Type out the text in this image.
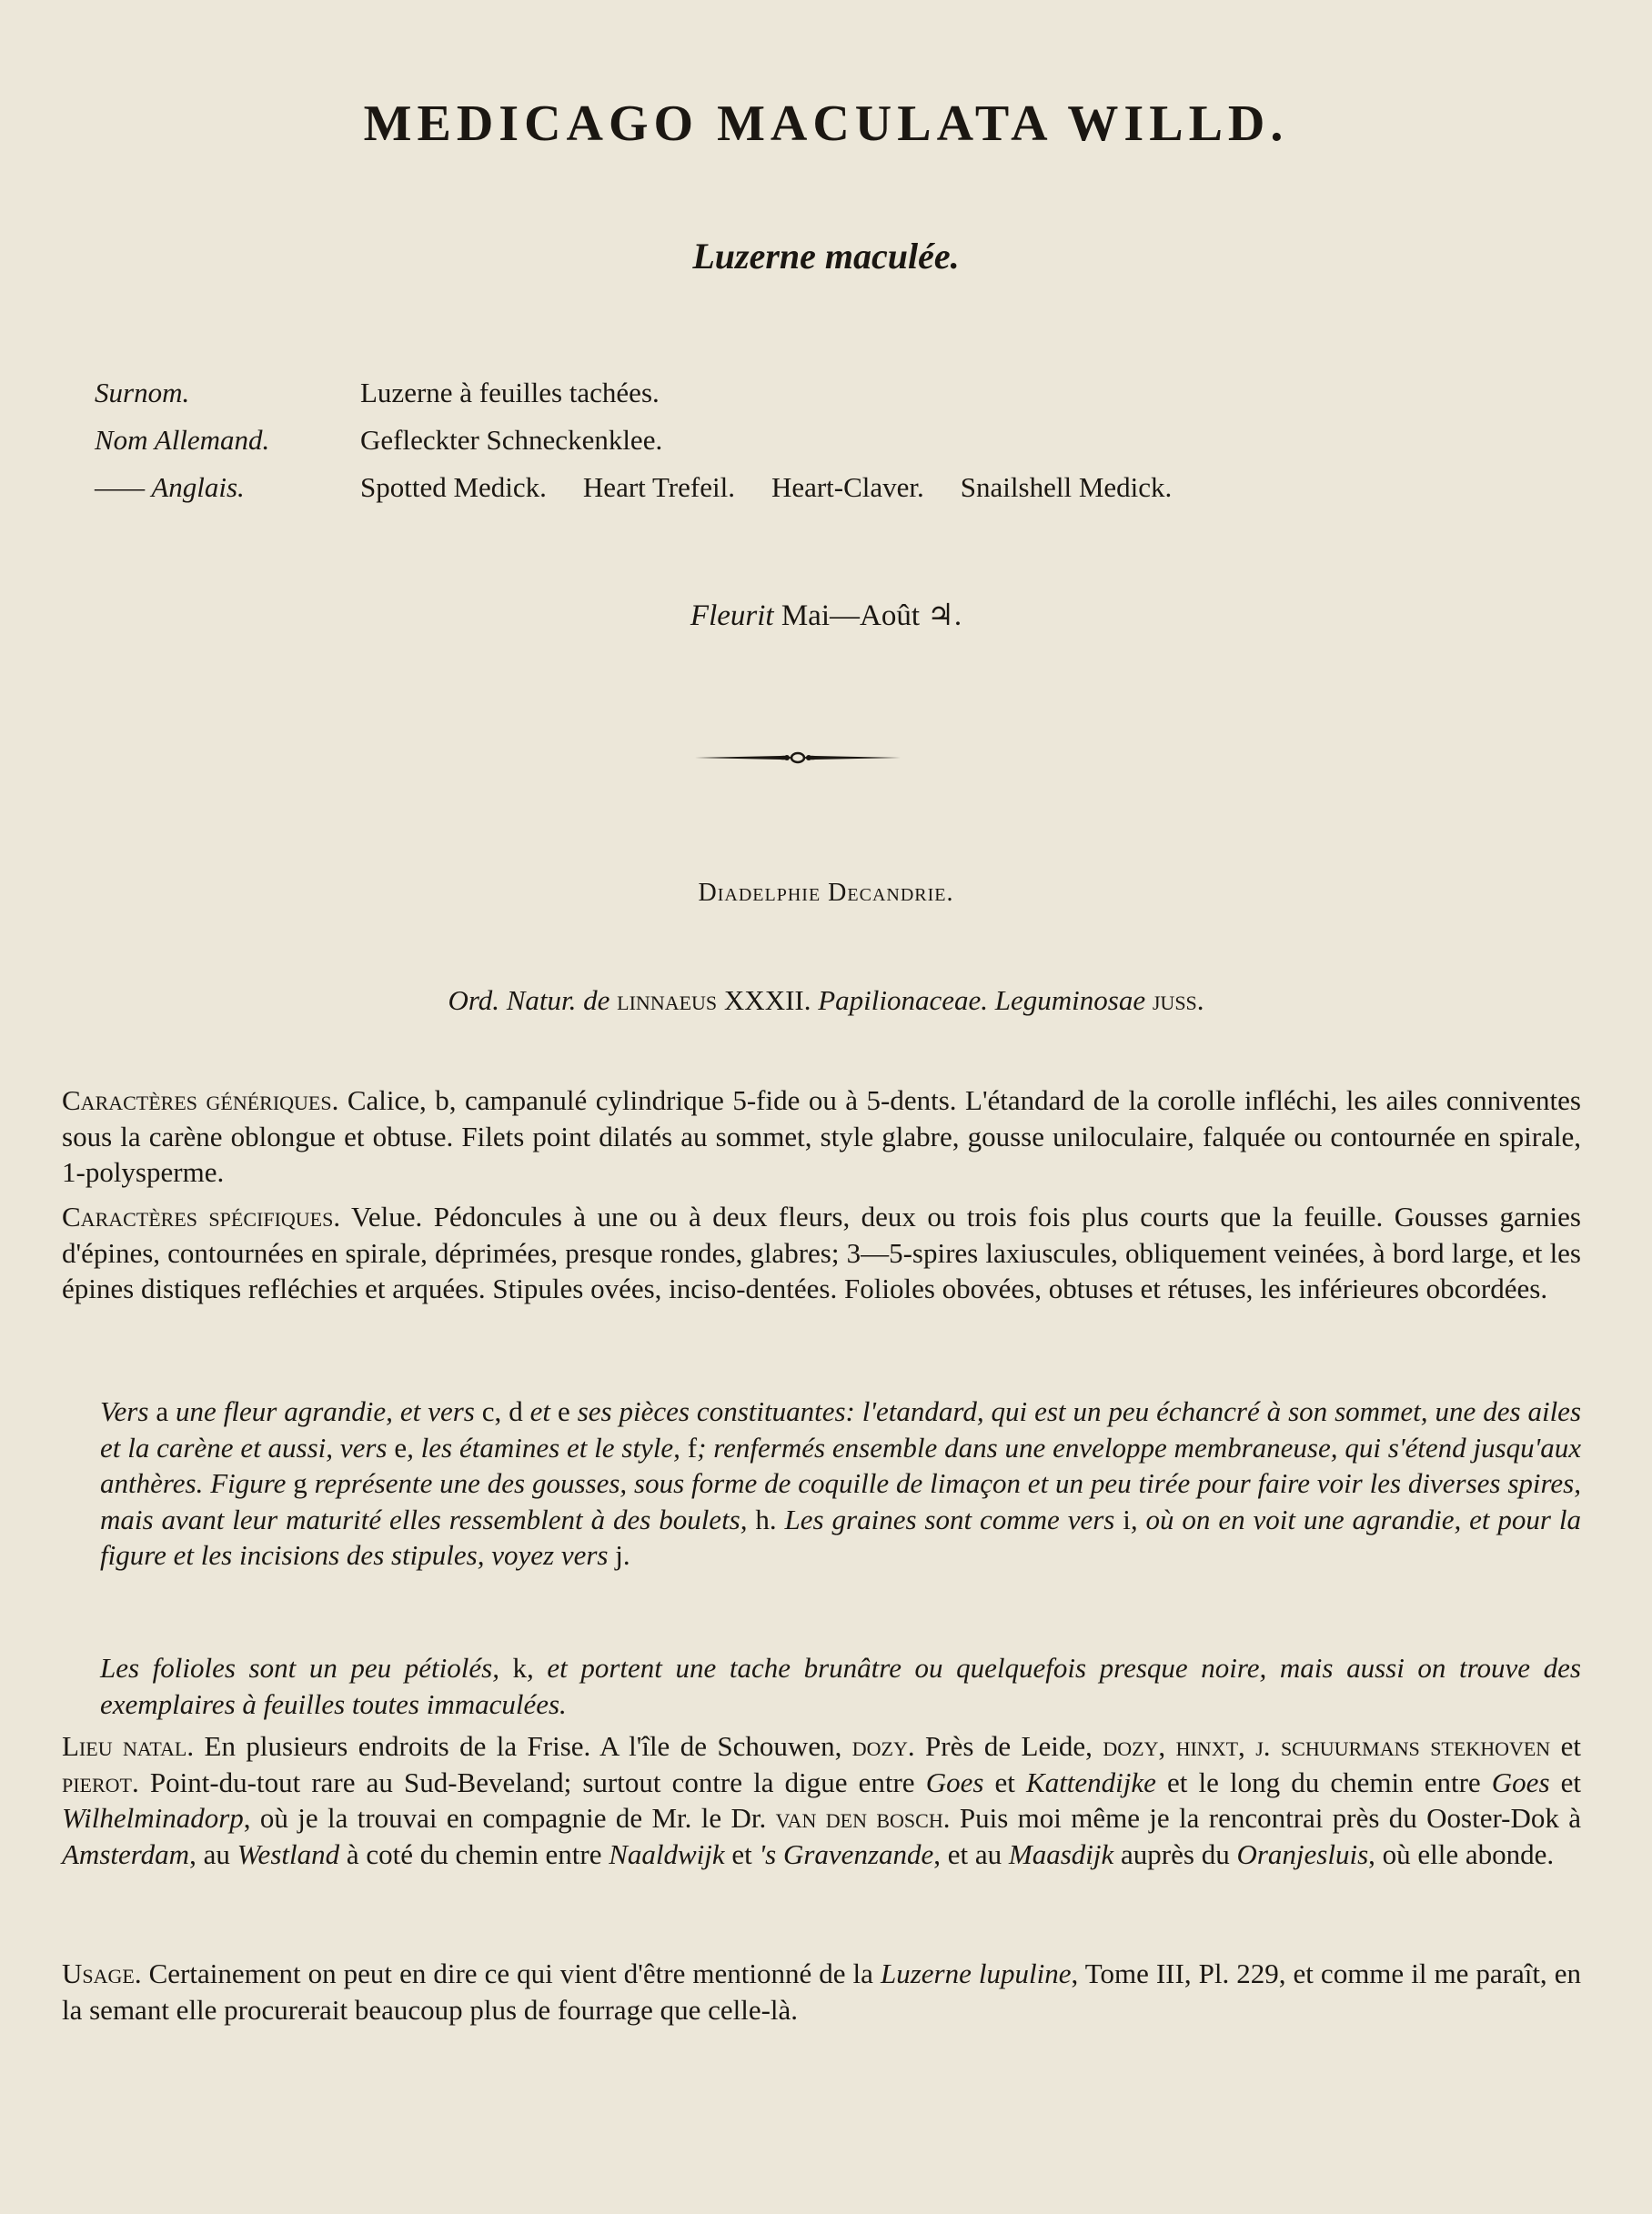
MEDICAGO MACULATA WILLD.
Luzerne maculée.
Surnom.	Luzerne à feuilles tachées.
Nom Allemand.	Gefleckter Schneckenklee.
—— Anglais.	Spotted Medick. Heart Trefeil. Heart-Claver. Snailshell Medick.
Fleurit Mai—Août ♃.
Diadelphie Decandrie.
Ord. Natur. de linnaeus XXXII. Papilionaceae. Leguminosae juss.
Caractères génériques. Calice, b, campanulé cylindrique 5-fide ou à 5-dents. L'étandard de la corolle infléchi, les ailes conniventes sous la carène oblongue et obtuse. Filets point dilatés au sommet, style glabre, gousse uniloculaire, falquée ou contournée en spirale, 1-polysperme.
Caractères spécifiques. Velue. Pédoncules à une ou à deux fleurs, deux ou trois fois plus courts que la feuille. Gousses garnies d'épines, contournées en spirale, déprimées, presque rondes, glabres; 3—5-spires laxiuscules, obliquement veinées, à bord large, et les épines distiques refléchies et arquées. Stipules ovées, inciso-dentées. Folioles obovées, obtuses et rétuses, les inférieures obcordées.
Vers a une fleur agrandie, et vers c, d et e ses pièces constituantes: l'etandard, qui est un peu échancré à son sommet, une des ailes et la carène et aussi, vers e, les étamines et le style, f; renfermés ensemble dans une enveloppe membraneuse, qui s'étend jusqu'aux anthères. Figure g représente une des gousses, sous forme de coquille de limaçon et un peu tirée pour faire voir les diverses spires, mais avant leur maturité elles ressemblent à des boulets, h. Les graines sont comme vers i, où on en voit une agrandie, et pour la figure et les incisions des stipules, voyez vers j.
Les folioles sont un peu pétiolés, k, et portent une tache brunâtre ou quelquefois presque noire, mais aussi on trouve des exemplaires à feuilles toutes immaculées.
Lieu natal. En plusieurs endroits de la Frise. A l'île de Schouwen, dozy. Près de Leide, dozy, hinxt, j. schuurmans stekhoven et pierot. Point-du-tout rare au Sud-Beveland; surtout contre la digue entre Goes et Kattendijke et le long du chemin entre Goes et Wilhelminadorp, où je la trouvai en compagnie de Mr. le Dr. van den bosch. Puis moi même je la rencontrai près du Ooster-Dok à Amsterdam, au Westland à coté du chemin entre Naaldwijk et 's Gravenzande, et au Maasdijk auprès du Oranjesluis, où elle abonde.
Usage. Certainement on peut en dire ce qui vient d'être mentionné de la Luzerne lupuline, Tome III, Pl. 229, et comme il me paraît, en la semant elle procurerait beaucoup plus de fourrage que celle-là.
